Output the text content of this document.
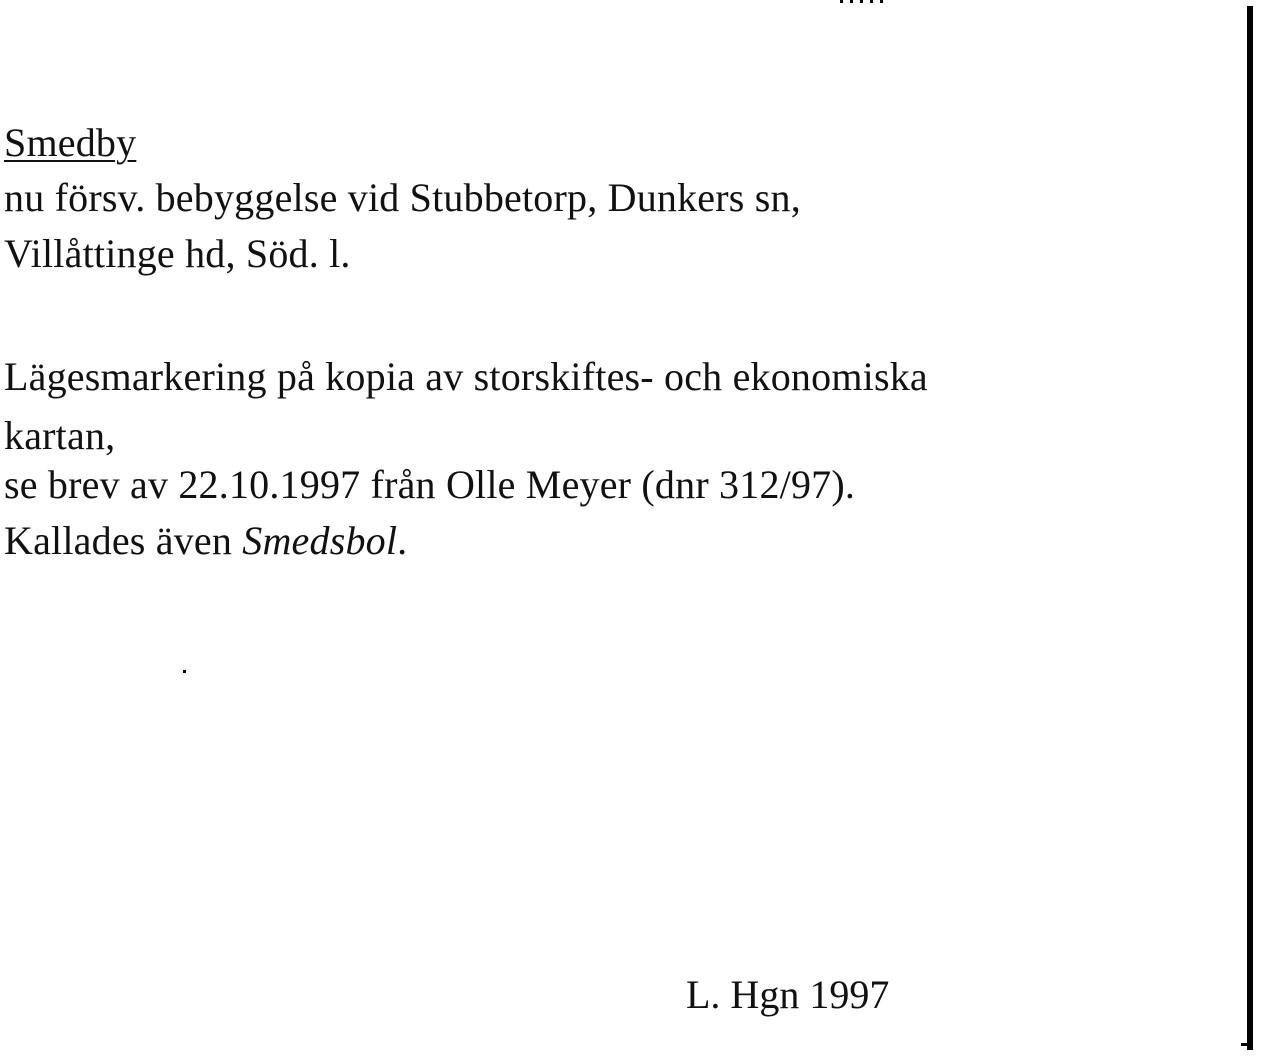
Smedby
nu försv. bebyggelse vid Stubbetorp, Dunkers sn,
Villåttinge hd, Söd. l.
Lägesmarkering på kopia av storskiftes- och ekonomiska
kartan,
se brev av 22.10.1997 från Olle Meyer (dnr 312/97).
Kallades även Smedsbol.
L. Hgn 1997
